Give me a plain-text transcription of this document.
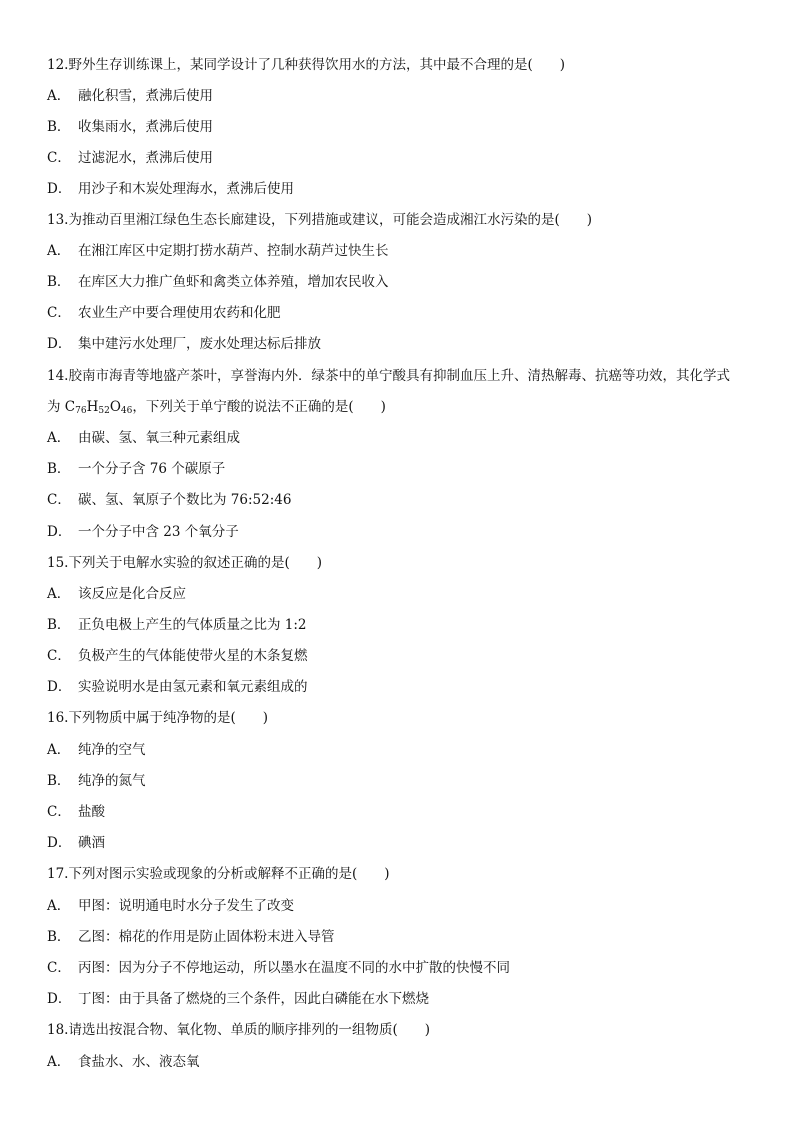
12.野外生存训练课上，某同学设计了几种获得饮用水的方法，其中最不合理的是(　　)
A． 融化积雪，煮沸后使用
B． 收集雨水，煮沸后使用
C． 过滤泥水，煮沸后使用
D． 用沙子和木炭处理海水，煮沸后使用
13.为推动百里湘江绿色生态长廊建设，下列措施或建议，可能会造成湘江水污染的是(　　)
A． 在湘江库区中定期打捞水葫芦、控制水葫芦过快生长
B． 在库区大力推广鱼虾和禽类立体养殖，增加农民收入
C． 农业生产中要合理使用农药和化肥
D． 集中建污水处理厂，废水处理达标后排放
14.胶南市海青等地盛产茶叶，享誉海内外．绿茶中的单宁酸具有抑制血压上升、清热解毒、抗癌等功效，其化学式
为 $C_{76}H_{52}O_{46}$，下列关于单宁酸的说法不正确的是(　　)
A． 由碳、氢、氧三种元素组成
B． 一个分子含 76 个碳原子
C． 碳、氢、氧原子个数比为 76:52:46
D． 一个分子中含 23 个氧分子
15.下列关于电解水实验的叙述正确的是(　　)
A． 该反应是化合反应
B． 正负电极上产生的气体质量之比为 1:2
C． 负极产生的气体能使带火星的木条复燃
D． 实验说明水是由氢元素和氧元素组成的
16.下列物质中属于纯净物的是(　　)
A． 纯净的空气
B． 纯净的氮气
C． 盐酸
D． 碘酒
17.下列对图示实验或现象的分析或解释不正确的是(　　)
A． 甲图：说明通电时水分子发生了改变
B． 乙图：棉花的作用是防止固体粉末进入导管
C． 丙图：因为分子不停地运动，所以墨水在温度不同的水中扩散的快慢不同
D． 丁图：由于具备了燃烧的三个条件，因此白磷能在水下燃烧
18.请选出按混合物、氧化物、单质的顺序排列的一组物质(　　)
A． 食盐水、水、液态氧
